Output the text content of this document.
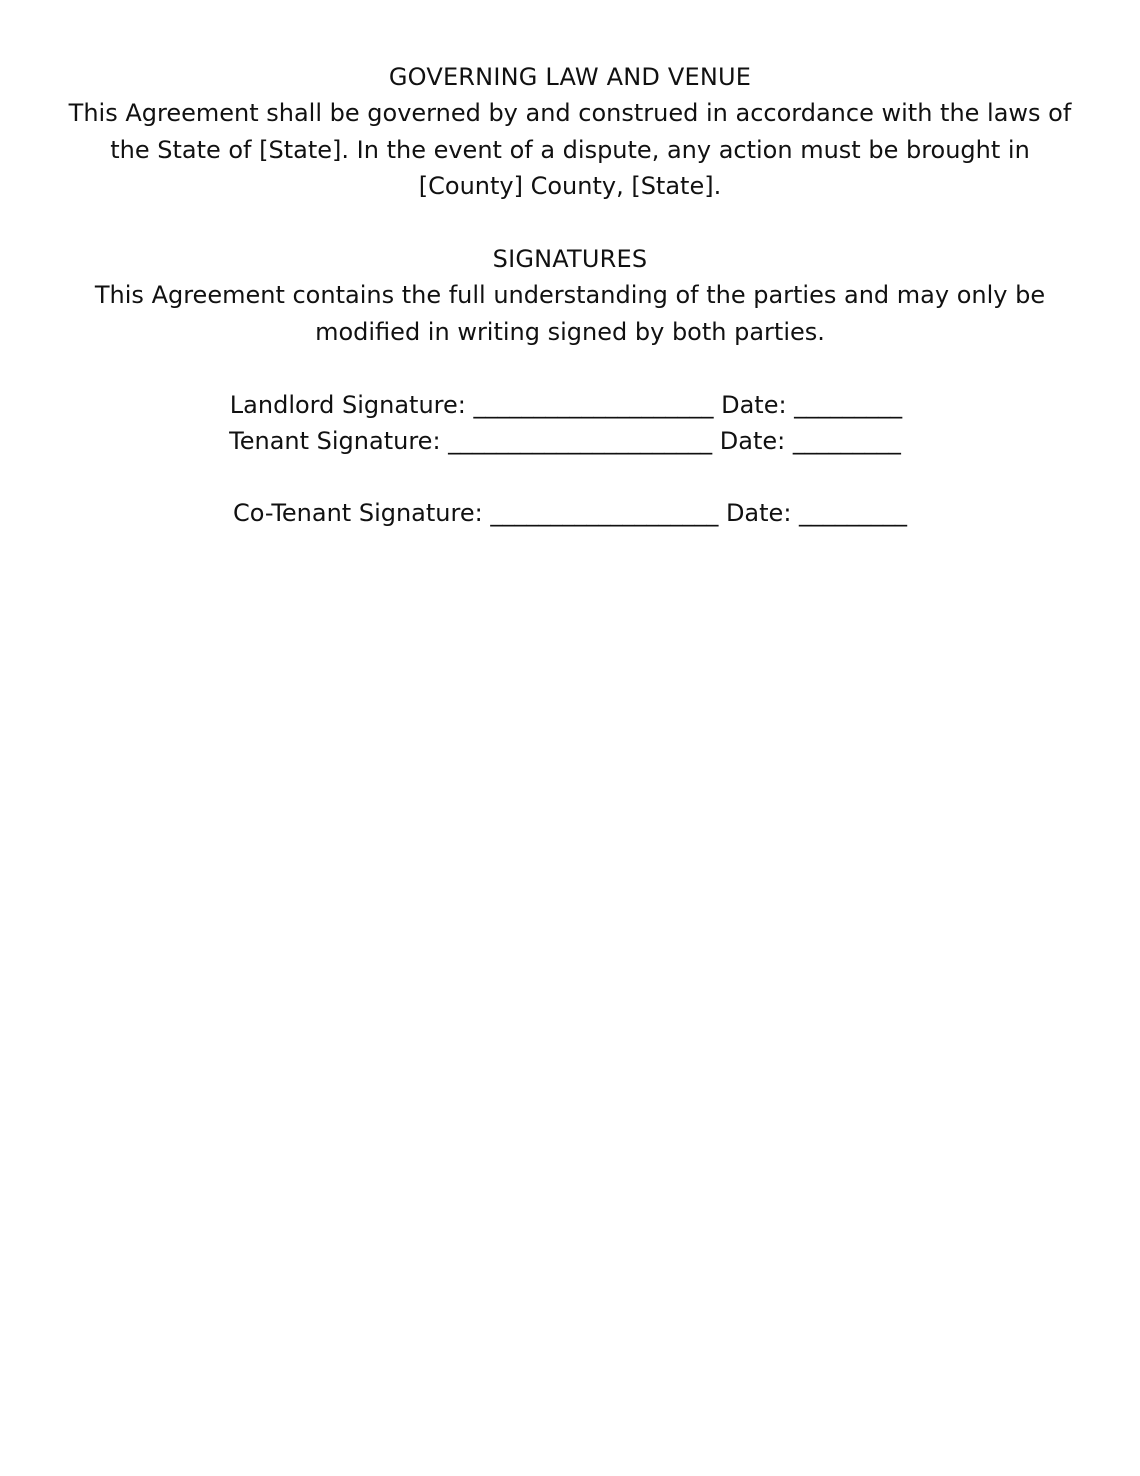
GOVERNING LAW AND VENUE

This Agreement shall be governed by and construed in accordance with the laws of

the State of [State]. In the event of a dispute, any action must be brought in

[County] County, [State].

SIGNATURES

This Agreement contains the full understanding of the parties and may only be

modified in writing signed by both parties.

Landlord Signature: ____________________ Date: _________

Tenant Signature: ______________________ Date: _________

Co-Tenant Signature: ___________________ Date: _________
